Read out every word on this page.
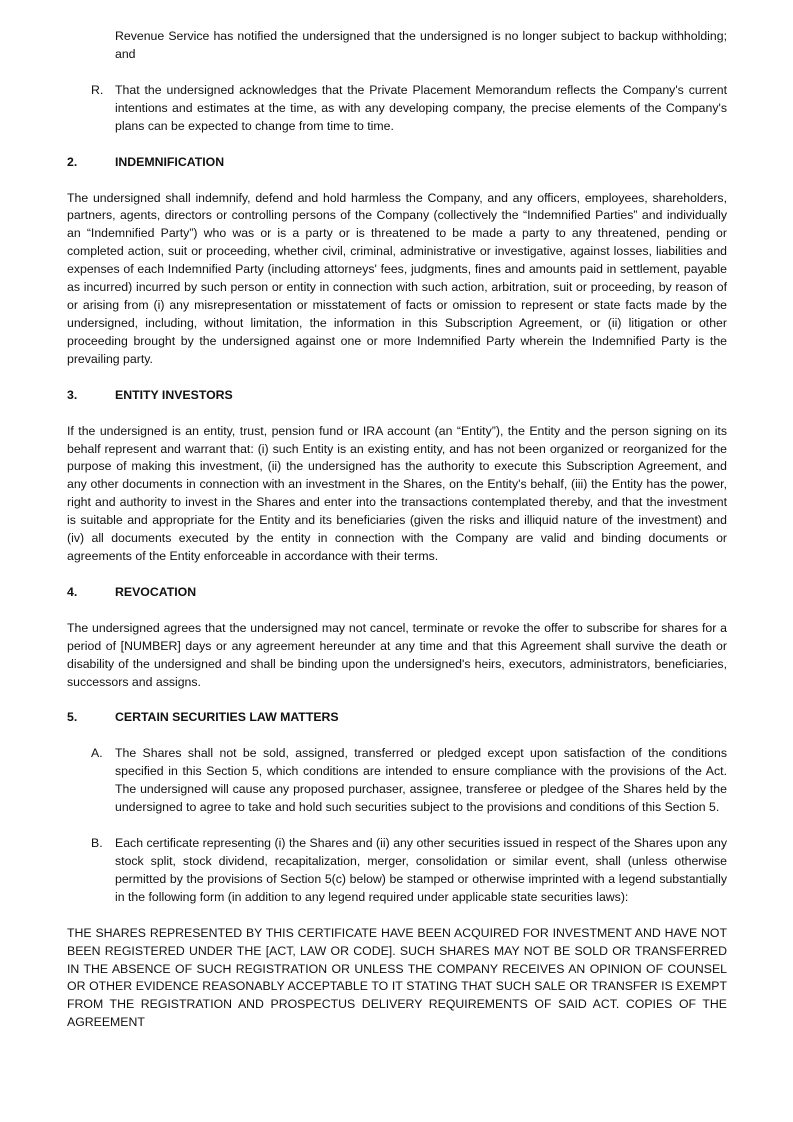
Revenue Service has notified the undersigned that the undersigned is no longer subject to backup withholding; and

R. That the undersigned acknowledges that the Private Placement Memorandum reflects the Company's current intentions and estimates at the time, as with any developing company, the precise elements of the Company's plans can be expected to change from time to time.

2.	INDEMNIFICATION

The undersigned shall indemnify, defend and hold harmless the Company, and any officers, employees, shareholders, partners, agents, directors or controlling persons of the Company (collectively the “Indemnified Parties” and individually an “Indemnified Party”) who was or is a party or is threatened to be made a party to any threatened, pending or completed action, suit or proceeding, whether civil, criminal, administrative or investigative, against losses, liabilities and expenses of each Indemnified Party (including attorneys' fees, judgments, fines and amounts paid in settlement, payable as incurred) incurred by such person or entity in connection with such action, arbitration, suit or proceeding, by reason of or arising from (i) any misrepresentation or misstatement of facts or omission to represent or state facts made by the undersigned, including, without limitation, the information in this Subscription Agreement, or (ii) litigation or other proceeding brought by the undersigned against one or more Indemnified Party wherein the Indemnified Party is the prevailing party.

3.	ENTITY INVESTORS

If the undersigned is an entity, trust, pension fund or IRA account (an “Entity”), the Entity and the person signing on its behalf represent and warrant that: (i) such Entity is an existing entity, and has not been organized or reorganized for the purpose of making this investment, (ii) the undersigned has the authority to execute this Subscription Agreement, and any other documents in connection with an investment in the Shares, on the Entity's behalf, (iii) the Entity has the power, right and authority to invest in the Shares and enter into the transactions contemplated thereby, and that the investment is suitable and appropriate for the Entity and its beneficiaries (given the risks and illiquid nature of the investment) and (iv) all documents executed by the entity in connection with the Company are valid and binding documents or agreements of the Entity enforceable in accordance with their terms.

4.	REVOCATION

The undersigned agrees that the undersigned may not cancel, terminate or revoke the offer to subscribe for shares for a period of [NUMBER] days or any agreement hereunder at any time and that this Agreement shall survive the death or disability of the undersigned and shall be binding upon the undersigned's heirs, executors, administrators, beneficiaries, successors and assigns.

5.	CERTAIN SECURITIES LAW MATTERS
A. The Shares shall not be sold, assigned, transferred or pledged except upon satisfaction of the conditions specified in this Section 5, which conditions are intended to ensure compliance with the provisions of the Act. The undersigned will cause any proposed purchaser, assignee, transferee or pledgee of the Shares held by the undersigned to agree to take and hold such securities subject to the provisions and conditions of this Section 5.

B. Each certificate representing (i) the Shares and (ii) any other securities issued in respect of the Shares upon any stock split, stock dividend, recapitalization, merger, consolidation or similar event, shall (unless otherwise permitted by the provisions of Section 5(c) below) be stamped or otherwise imprinted with a legend substantially in the following form (in addition to any legend required under applicable state securities laws):

THE SHARES REPRESENTED BY THIS CERTIFICATE HAVE BEEN ACQUIRED FOR INVESTMENT AND HAVE NOT BEEN REGISTERED UNDER THE [ACT, LAW OR CODE]. SUCH SHARES MAY NOT BE SOLD OR TRANSFERRED IN THE ABSENCE OF SUCH REGISTRATION OR UNLESS THE COMPANY RECEIVES AN OPINION OF COUNSEL OR OTHER EVIDENCE REASONABLY ACCEPTABLE TO IT STATING THAT SUCH SALE OR TRANSFER IS EXEMPT FROM THE REGISTRATION AND PROSPECTUS DELIVERY REQUIREMENTS OF SAID ACT. COPIES OF THE AGREEMENT
